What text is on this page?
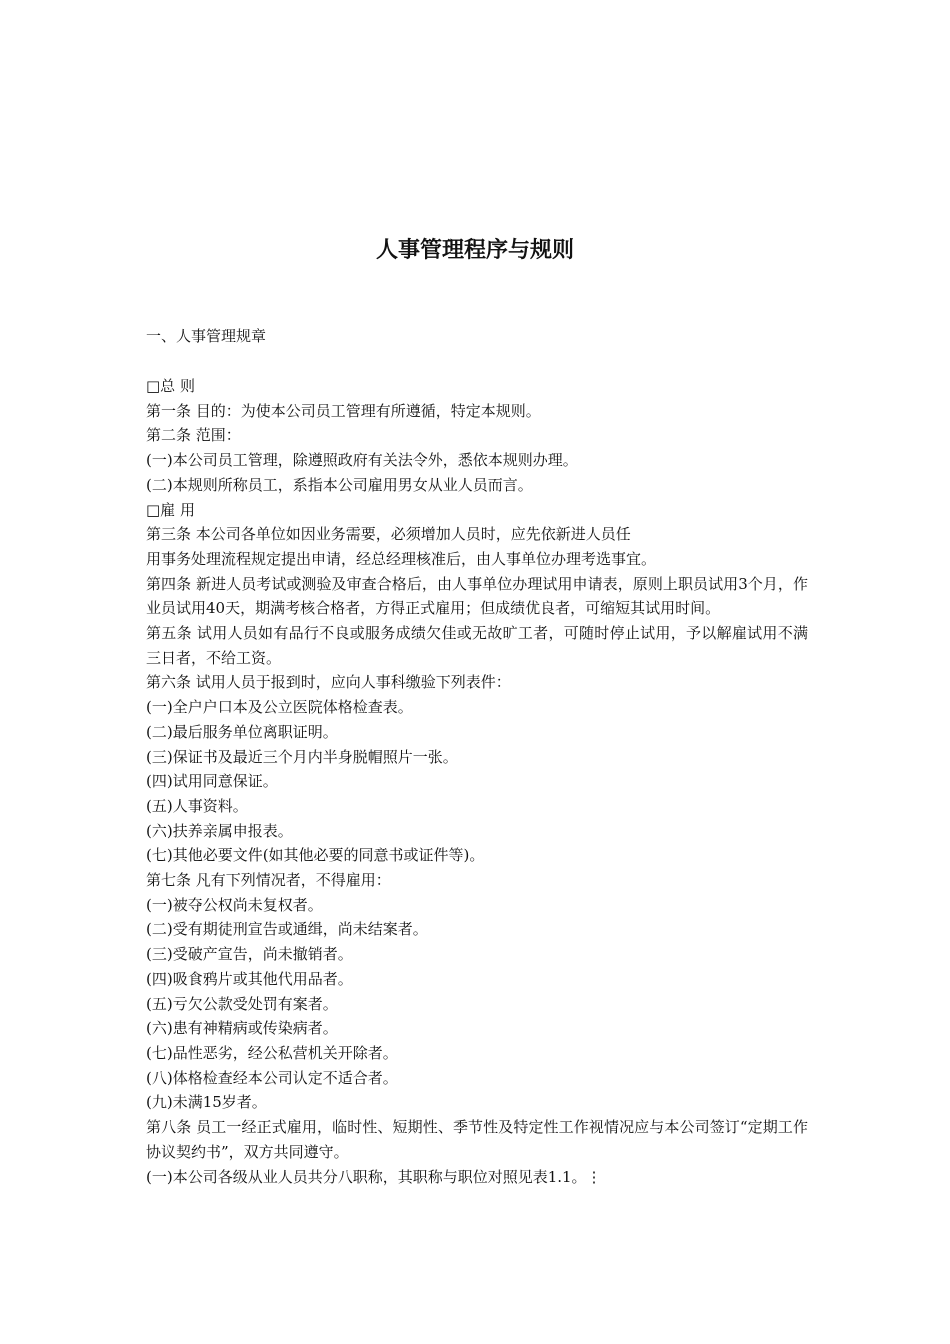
人事管理程序与规则
一、人事管理规章
□总 则
第一条 目的：为使本公司员工管理有所遵循，特定本规则。
第二条 范围：
(一)本公司员工管理，除遵照政府有关法令外，悉依本规则办理。
(二)本规则所称员工，系指本公司雇用男女从业人员而言。
□雇 用
第三条 本公司各单位如因业务需要，必须增加人员时，应先依新进人员任
用事务处理流程规定提出申请，经总经理核准后，由人事单位办理考选事宜。
第四条 新进人员考试或测验及审查合格后，由人事单位办理试用申请表，原则上职员试用3个月，作业员试用40天，期满考核合格者，方得正式雇用；但成绩优良者，可缩短其试用时间。
第五条 试用人员如有品行不良或服务成绩欠佳或无故旷工者，可随时停止试用，予以解雇试用不满三日者，不给工资。
第六条 试用人员于报到时，应向人事科缴验下列表件：
(一)全户户口本及公立医院体格检查表。
(二)最后服务单位离职证明。
(三)保证书及最近三个月内半身脱帽照片一张。
(四)试用同意保证。
(五)人事资料。
(六)扶养亲属申报表。
(七)其他必要文件(如其他必要的同意书或证件等)。
第七条 凡有下列情况者，不得雇用：
(一)被夺公权尚未复权者。
(二)受有期徒刑宣告或通缉，尚未结案者。
(三)受破产宣告，尚未撤销者。
(四)吸食鸦片或其他代用品者。
(五)亏欠公款受处罚有案者。
(六)患有神精病或传染病者。
(七)品性恶劣，经公私营机关开除者。
(八)体格检查经本公司认定不适合者。
(九)未满15岁者。
第八条 员工一经正式雇用，临时性、短期性、季节性及特定性工作视情况应与本公司签订“定期工作协议契约书”，双方共同遵守。
(一)本公司各级从业人员共分八职称，其职称与职位对照见表1.1。⋮
